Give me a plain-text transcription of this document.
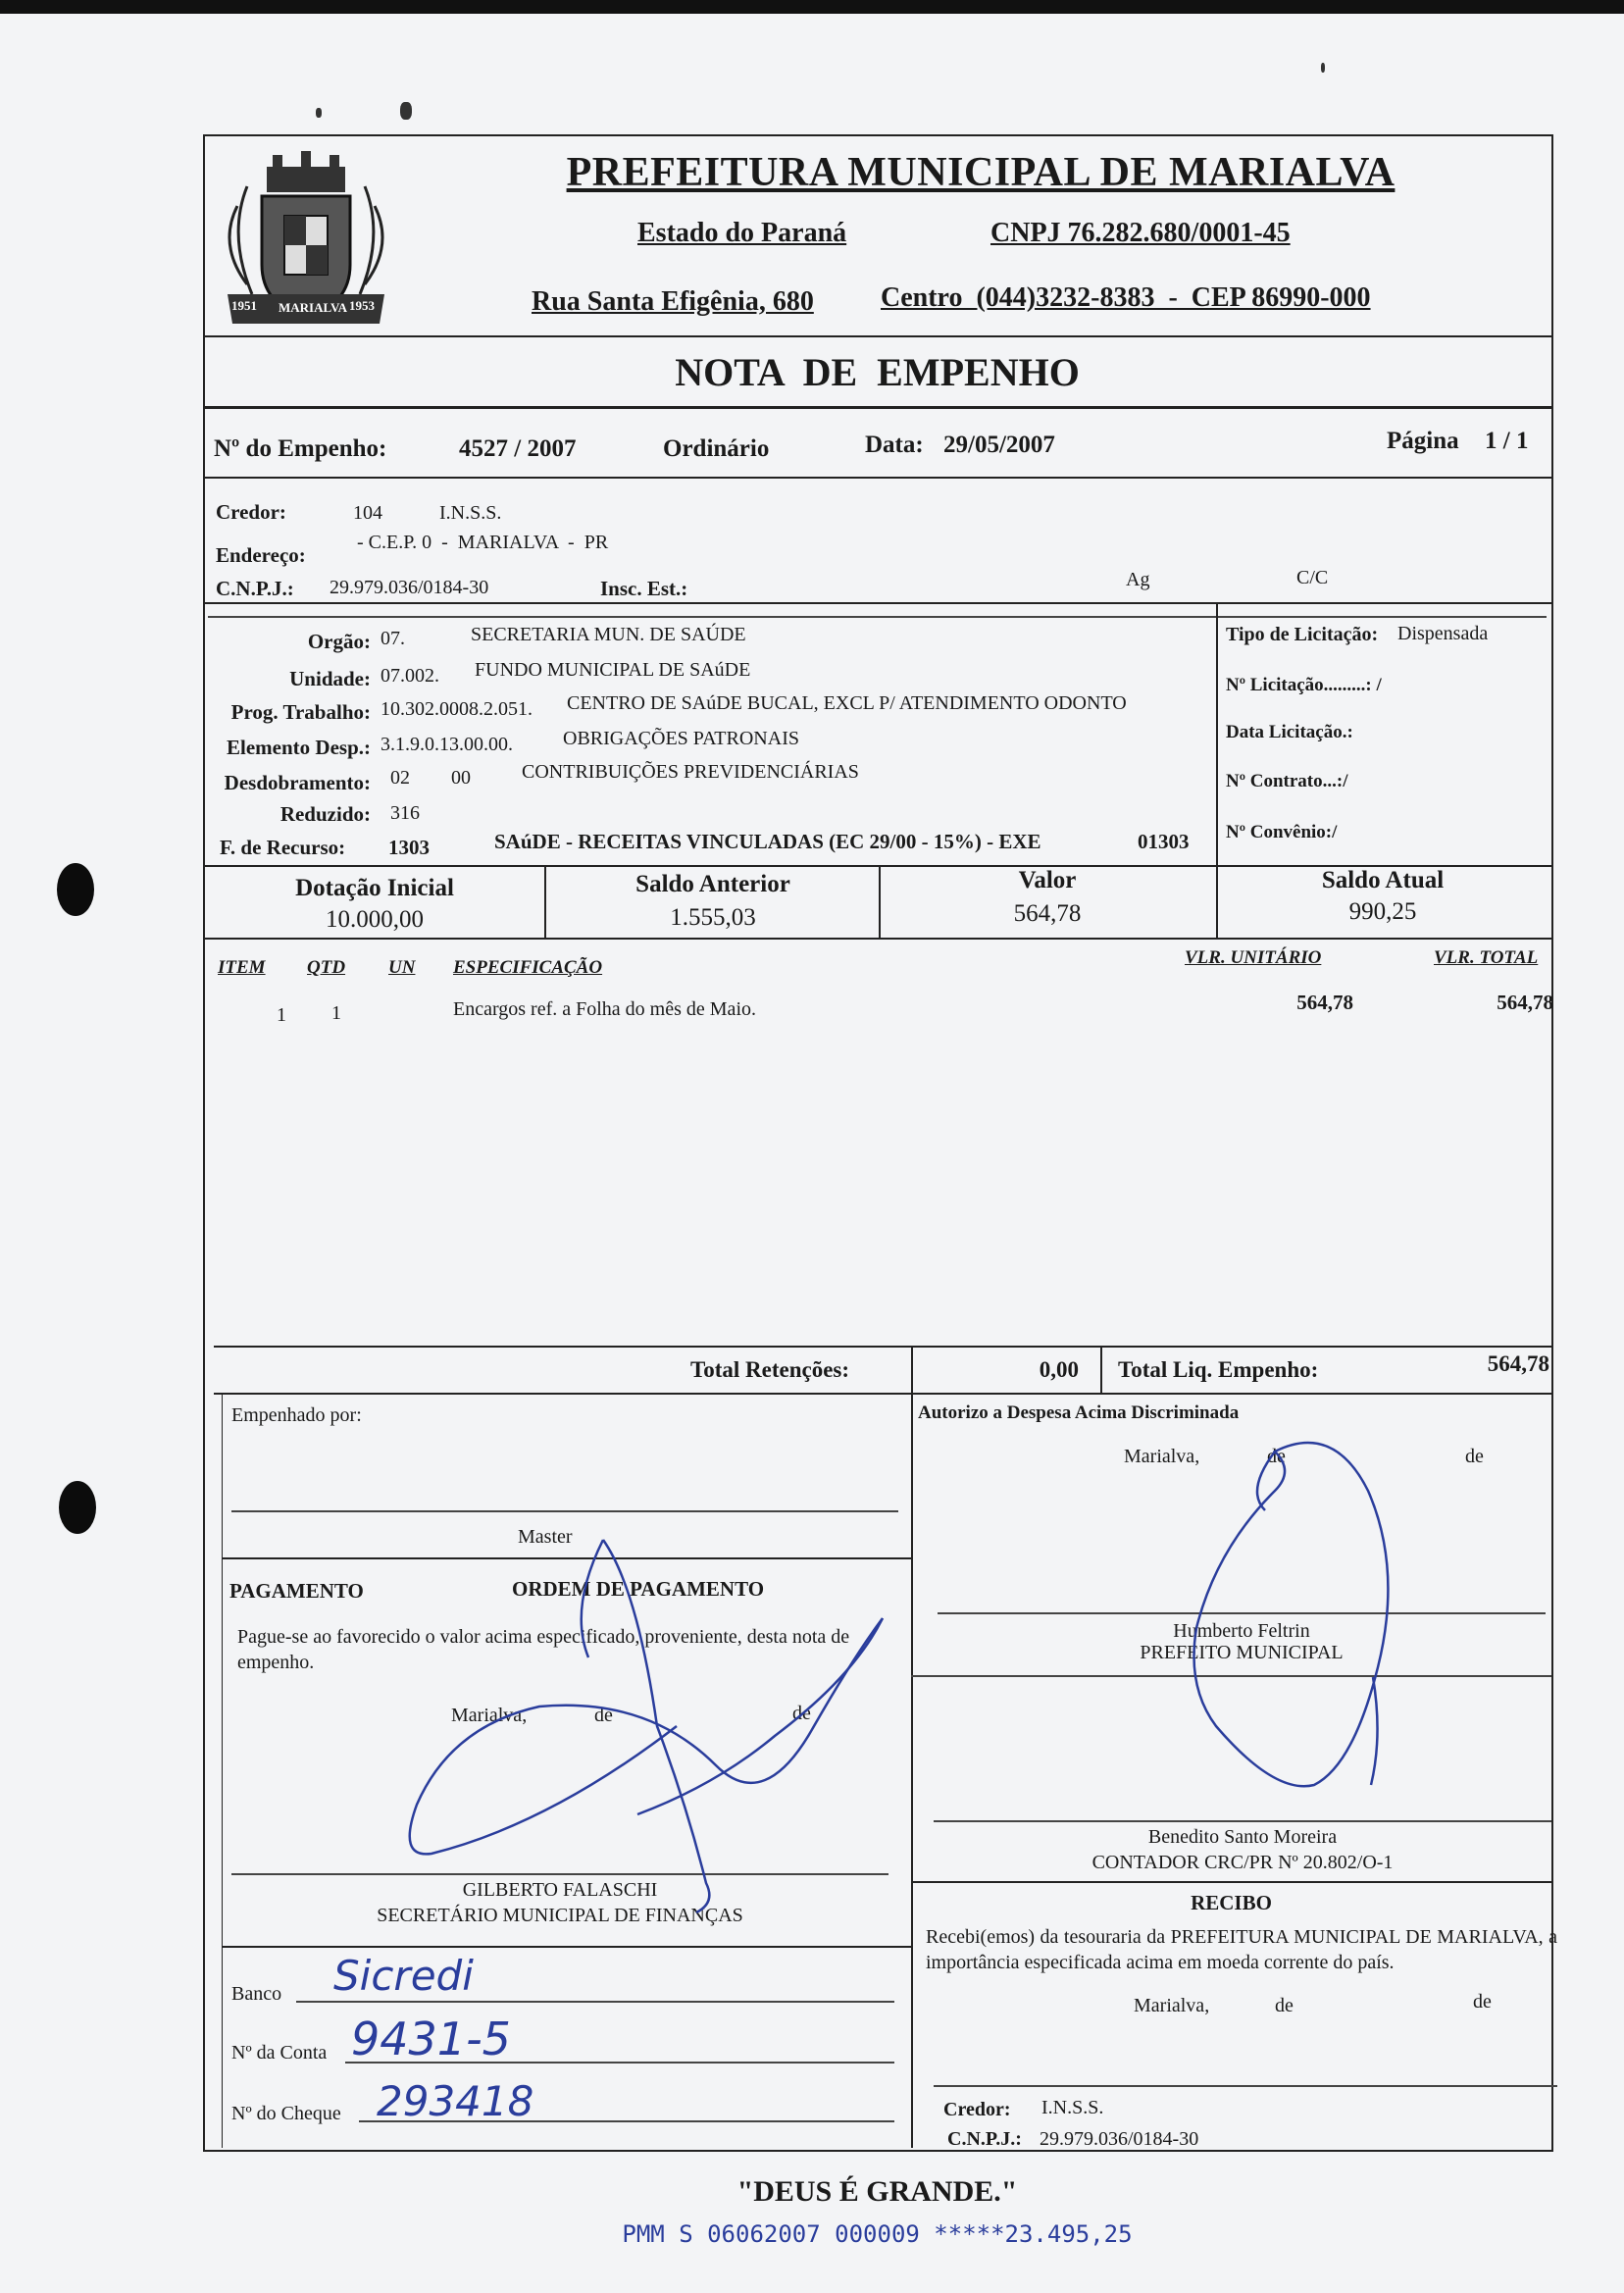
1951 MARIALVA 1953
PREFEITURA MUNICIPAL DE MARIALVA
Estado do Paraná	CNPJ 76.282.680/0001-45
Rua Santa Efigênia, 680 Centro  (044)3232-8383  -  CEP 86990-000
NOTA  DE  EMPENHO
Nº do Empenho:	4527 / 2007	Ordinário	Data: 29/05/2007	Página 1 / 1
Credor:	104	I.N.S.S.
Endereço:
- C.E.P. 0  -  MARIALVA  -  PR
C.N.P.J.: 29.979.036/0184-30	Insc. Est.:	Ag	C/C
Orgão: 07.	SECRETARIA MUN. DE SAÚDE
Unidade: 07.002. FUNDO MUNICIPAL DE SAúDE
Prog. Trabalho: 10.302.0008.2.051. CENTRO DE SAúDE BUCAL, EXCL P/ ATENDIMENTO ODONTO
Elemento Desp.: 3.1.9.0.13.00.00.	OBRIGAÇÕES PATRONAIS
Desdobramento: 02 00	CONTRIBUIÇÕES PREVIDENCIÁRIAS
Reduzido: 316
F. de Recurso: 1303	SAúDE - RECEITAS VINCULADAS (EC 29/00 - 15%) - EXE	01303
Tipo de Licitação: Dispensada
Nº Licitação.........: /
Data Licitação.:
Nº Contrato...:/
Nº Convênio:/
Dotação Inicial
10.000,00
Saldo Anterior
1.555,03
Valor
564,78
Saldo Atual
990,25
ITEM QTD UN ESPECIFICAÇÃO	VLR. UNITÁRIO	VLR. TOTAL
1 1	Encargos ref. a Folha do mês de Maio.	564,78	564,78
Total Retenções:	0,00 Total Liq. Empenho:	564,78
Empenhado por:
Master
Autorizo a Despesa Acima Discriminada
Marialva,	de	de
Humberto Feltrin
PREFEITO MUNICIPAL
Benedito Santo Moreira
CONTADOR CRC/PR Nº 20.802/O-1
PAGAMENTO	ORDEM DE PAGAMENTO
Pague-se ao favorecido o valor acima especificado, proveniente, desta nota de empenho.
Marialva,	de	de
GILBERTO FALASCHI
SECRETÁRIO MUNICIPAL DE FINANÇAS
Banco Sicredi
Nº da Conta 9431-5
Nº do Cheque 293418
RECIBO
Recebi(emos) da tesouraria da PREFEITURA MUNICIPAL DE MARIALVA, a importância especificada acima em moeda corrente do país.
Marialva,	de	de
Credor: I.N.S.S.
C.N.P.J.: 29.979.036/0184-30
"DEUS É GRANDE."
PMM S 06062007 000009 *****23.495,25
